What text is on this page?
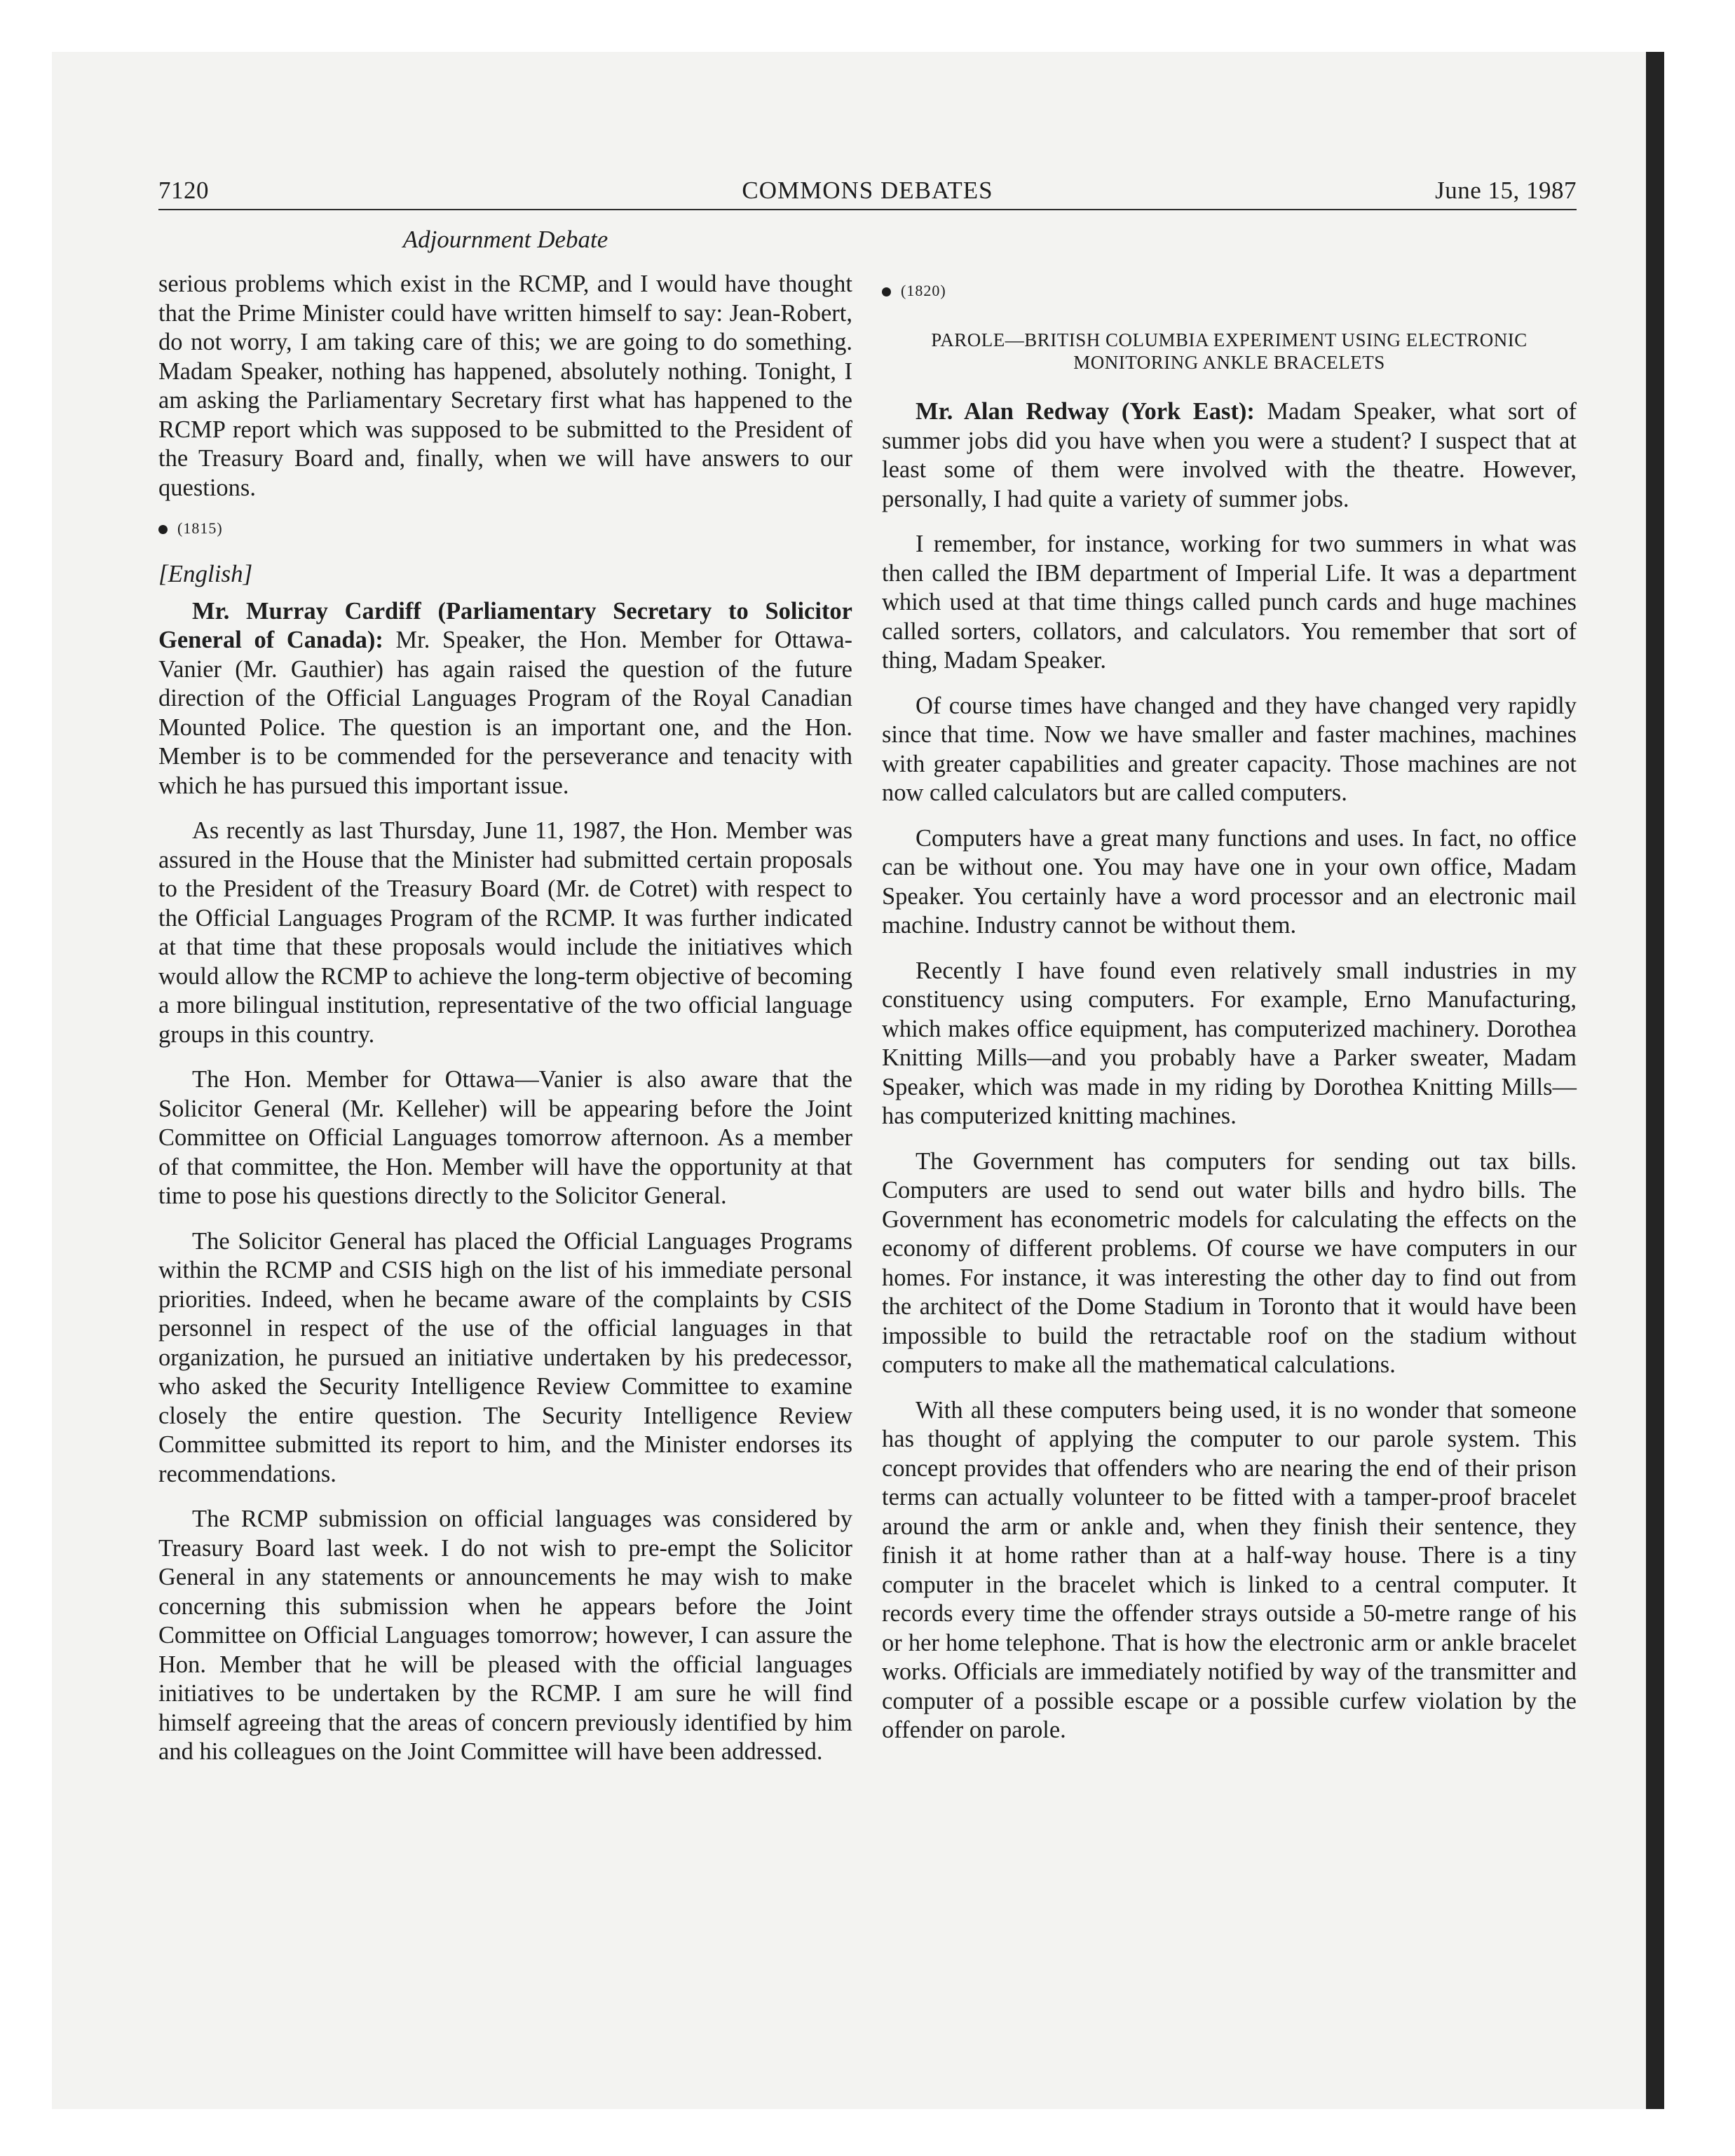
7120	COMMONS DEBATES	June 15, 1987
Adjournment Debate

serious problems which exist in the RCMP, and I would have thought that the Prime Minister could have written himself to say: Jean-Robert, do not worry, I am taking care of this; we are going to do something. Madam Speaker, nothing has happened, absolutely nothing. Tonight, I am asking the Parliamentary Secretary first what has happened to the RCMP report which was supposed to be submitted to the President of the Treasury Board and, finally, when we will have answers to our questions.

(1815)
[English]

Mr. Murray Cardiff (Parliamentary Secretary to Solicitor General of Canada): Mr. Speaker, the Hon. Member for Ottawa-Vanier (Mr. Gauthier) has again raised the question of the future direction of the Official Languages Program of the Royal Canadian Mounted Police. The question is an important one, and the Hon. Member is to be commended for the perseverance and tenacity with which he has pursued this important issue.

As recently as last Thursday, June 11, 1987, the Hon. Member was assured in the House that the Minister had submitted certain proposals to the President of the Treasury Board (Mr. de Cotret) with respect to the Official Languages Program of the RCMP. It was further indicated at that time that these proposals would include the initiatives which would allow the RCMP to achieve the long-term objective of becoming a more bilingual institution, representative of the two official language groups in this country.

The Hon. Member for Ottawa—Vanier is also aware that the Solicitor General (Mr. Kelleher) will be appearing before the Joint Committee on Official Languages tomorrow afternoon. As a member of that committee, the Hon. Member will have the opportunity at that time to pose his questions directly to the Solicitor General.

The Solicitor General has placed the Official Languages Programs within the RCMP and CSIS high on the list of his immediate personal priorities. Indeed, when he became aware of the complaints by CSIS personnel in respect of the use of the official languages in that organization, he pursued an initiative undertaken by his predecessor, who asked the Security Intelligence Review Committee to examine closely the entire question. The Security Intelligence Review Committee submitted its report to him, and the Minister endorses its recommendations.

The RCMP submission on official languages was considered by Treasury Board last week. I do not wish to pre-empt the Solicitor General in any statements or announcements he may wish to make concerning this submission when he appears before the Joint Committee on Official Languages tomorrow; however, I can assure the Hon. Member that he will be pleased with the official languages initiatives to be undertaken by the RCMP. I am sure he will find himself agreeing that the areas of concern previously identified by him and his colleagues on the Joint Committee will have been addressed.

(1820)
PAROLE—BRITISH COLUMBIA EXPERIMENT USING ELECTRONIC MONITORING ANKLE BRACELETS

Mr. Alan Redway (York East): Madam Speaker, what sort of summer jobs did you have when you were a student? I suspect that at least some of them were involved with the theatre. However, personally, I had quite a variety of summer jobs.

I remember, for instance, working for two summers in what was then called the IBM department of Imperial Life. It was a department which used at that time things called punch cards and huge machines called sorters, collators, and calculators. You remember that sort of thing, Madam Speaker.

Of course times have changed and they have changed very rapidly since that time. Now we have smaller and faster machines, machines with greater capabilities and greater capacity. Those machines are not now called calculators but are called computers.

Computers have a great many functions and uses. In fact, no office can be without one. You may have one in your own office, Madam Speaker. You certainly have a word processor and an electronic mail machine. Industry cannot be without them.

Recently I have found even relatively small industries in my constituency using computers. For example, Erno Manufacturing, which makes office equipment, has computerized machinery. Dorothea Knitting Mills—and you probably have a Parker sweater, Madam Speaker, which was made in my riding by Dorothea Knitting Mills—has computerized knitting machines.

The Government has computers for sending out tax bills. Computers are used to send out water bills and hydro bills. The Government has econometric models for calculating the effects on the economy of different problems. Of course we have computers in our homes. For instance, it was interesting the other day to find out from the architect of the Dome Stadium in Toronto that it would have been impossible to build the retractable roof on the stadium without computers to make all the mathematical calculations.

With all these computers being used, it is no wonder that someone has thought of applying the computer to our parole system. This concept provides that offenders who are nearing the end of their prison terms can actually volunteer to be fitted with a tamper-proof bracelet around the arm or ankle and, when they finish their sentence, they finish it at home rather than at a half-way house. There is a tiny computer in the bracelet which is linked to a central computer. It records every time the offender strays outside a 50-metre range of his or her home telephone. That is how the electronic arm or ankle bracelet works. Officials are immediately notified by way of the transmitter and computer of a possible escape or a possible curfew violation by the offender on parole.
